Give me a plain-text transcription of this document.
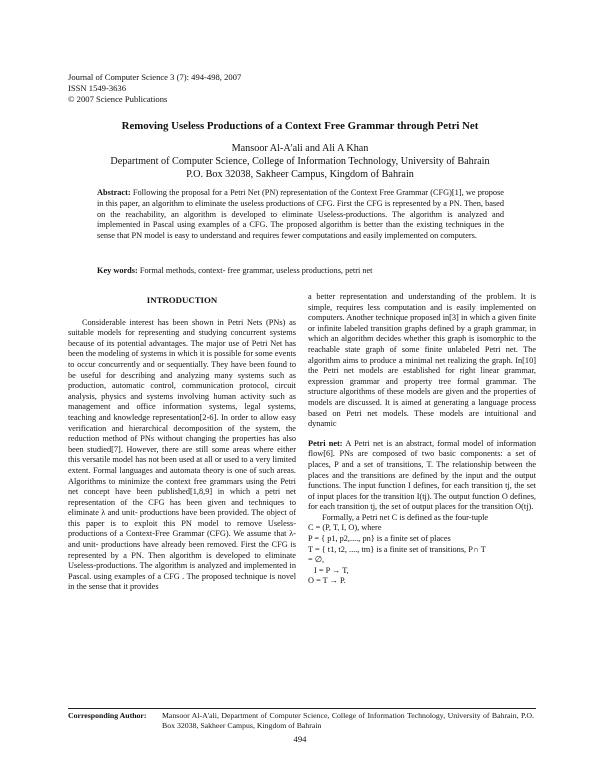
Journal of Computer Science 3 (7): 494-498, 2007
ISSN 1549-3636
© 2007 Science Publications
Removing Useless Productions of a Context Free Grammar through Petri Net
Mansoor Al-A'ali and Ali A Khan
Department of Computer Science, College of Information Technology, University of Bahrain
P.O. Box 32038, Sakheer Campus, Kingdom of Bahrain
Abstract: Following the proposal for a Petri Net (PN) representation of the Context Free Grammar (CFG)[1], we propose in this paper, an algorithm to eliminate the useless productions of CFG. First the CFG is represented by a PN. Then, based on the reachability, an algorithm is developed to eliminate Useless-productions. The algorithm is analyzed and implemented in Pascal using examples of a CFG. The proposed algorithm is better than the existing techniques in the sense that PN model is easy to understand and requires fewer computations and easily implemented on computers.
Key words: Formal methods, context- free grammar, useless productions, petri net
INTRODUCTION

Considerable interest has been shown in Petri Nets (PNs) as suitable models for representing and studying concurrent systems because of its potential advantages. The major use of Petri Net has been the modeling of systems in which it is possible for some events to occur concurrently and or sequentially. They have been found to be useful for describing and analyzing many systems such as production, automatic control, communication protocol, circuit analysis, physics and systems involving human activity such as management and office information systems, legal systems, teaching and knowledge representation[2-6]. In order to allow easy verification and hierarchical decomposition of the system, the reduction method of PNs without changing the properties has also been studied[7]. However, there are still some areas where either this versatile model has not been used at all or used to a very limited extent. Formal languages and automata theory is one of such areas. Algorithms to minimize the context free grammars using the Petri net concept have been published[1,8,9] in which a petri net representation of the CFG has been given and techniques to eliminate λ and unit- productions have been provided. The object of this paper is to exploit this PN model to remove Useless-productions of a Context-Free Grammar (CFG). We assume that λ- and unit- productions have already been removed. First the CFG is represented by a PN. Then algorithm is developed to eliminate Useless-productions. The algorithm is analyzed and implemented in Pascal. using examples of a CFG . The proposed technique is novel in the sense that it provides

a better representation and understanding of the problem. It is simple, requires less computation and is easily implemented on computers. Another technique proposed in[3] in which a given finite or infinite labeled transition graphs defined by a graph grammar, in which an algorithm decides whether this graph is isomorphic to the reachable state graph of some finite unlabeled Petri net. The algorithm aims to produce a minimal net realizing the graph. In[10] the Petri net models are established for right linear grammar, expression grammar and property tree formal grammar. The structure algorithms of these models are given and the properties of models are discussed. It is aimed at generating a language process based on Petri net models. These models are intuitional and dynamic

Petri net: A Petri net is an abstract, formal model of information flow[6]. PNs are composed of two basic components: a set of places, P and a set of transitions, T. The relationship between the places and the transitions are defined by the input and the output functions. The input function I defines, for each transition tj, the set of input places for the transition I(tj). The output function O defines, for each transition tj, the set of output places for the transition O(tj).

Formally, a Petri net C is defined as the four-tuple

C = (P, T, I, O), where
P = { p1, p2,...., pn} is a finite set of places
T = { t1, t2, ...., tm} is a finite set of transitions, P∩ T
= ∅,
I = P → T,
O = T → P.
Corresponding Author: Mansoor Al-A'ali, Department of Computer Science, College of Information Technology, University of Bahrain, P.O. Box 32038, Sakheer Campus, Kingdom of Bahrain
494
